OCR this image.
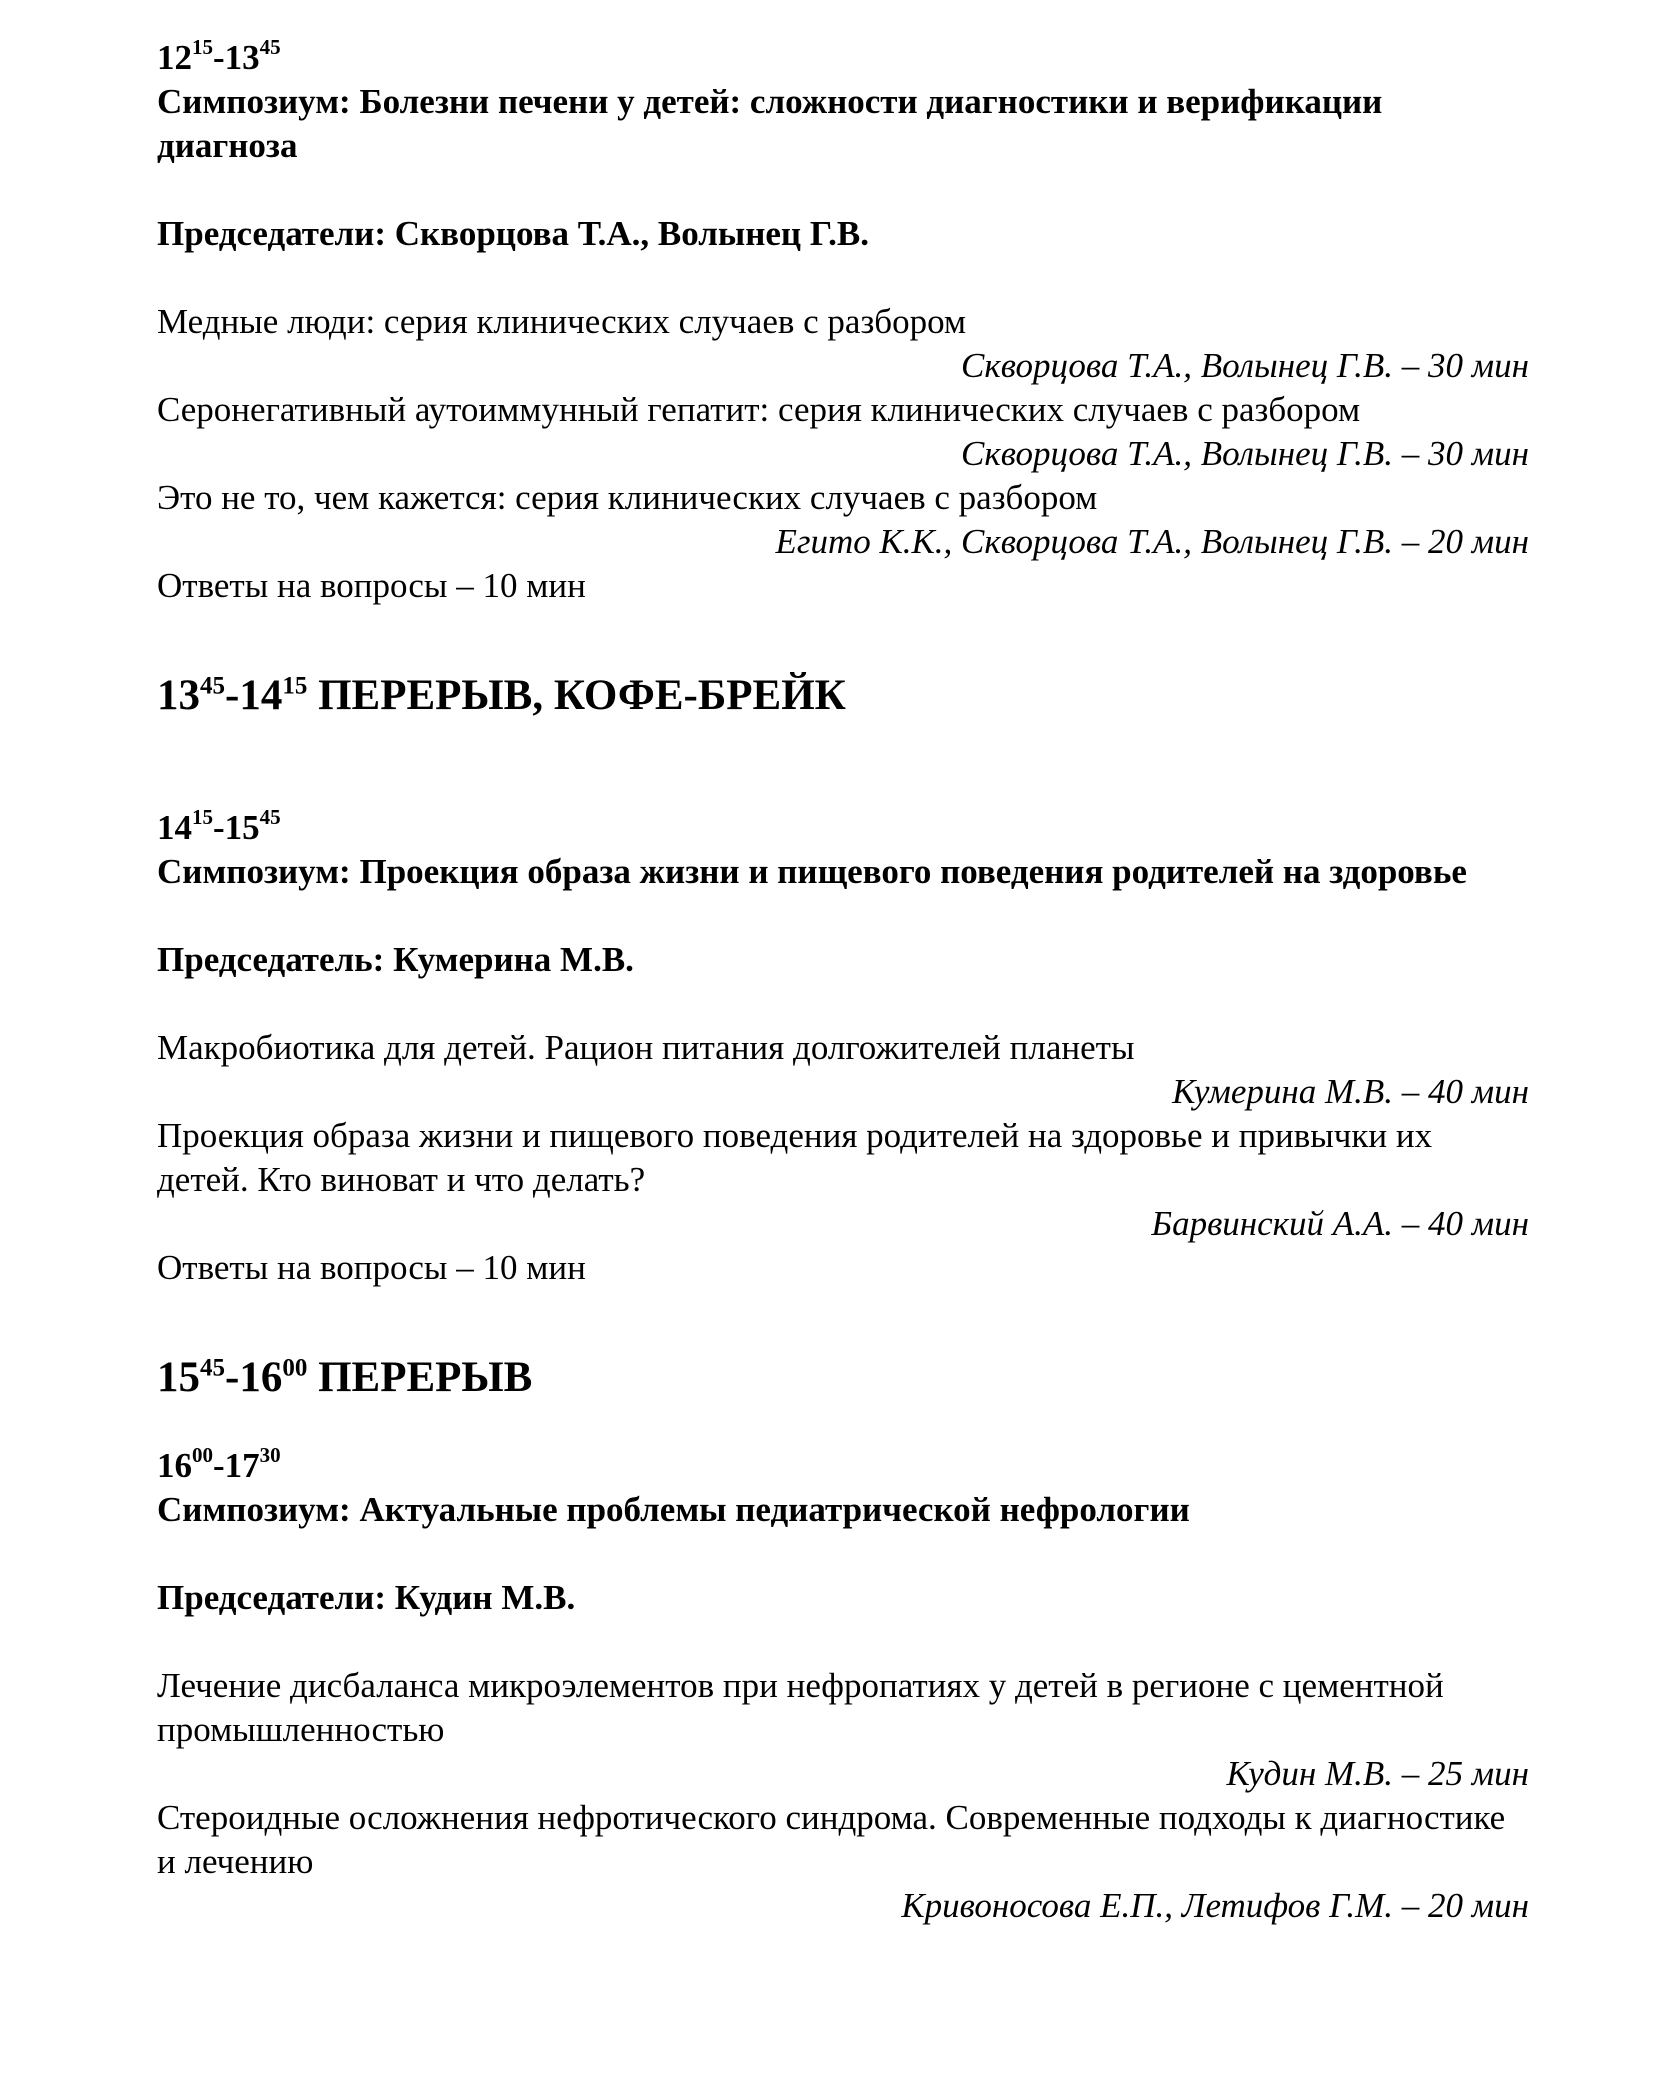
$12^{15}-13^{45}$
Симпозиум: Болезни печени у детей: сложности диагностики и верификации диагноза
Председатели: Скворцова Т.А., Волынец Г.В.
Медные люди: серия клинических случаев с разбором
Скворцова Т.А., Волынец Г.В. – 30 мин
Серонегативный аутоиммунный гепатит: серия клинических случаев с разбором
Скворцова Т.А., Волынец Г.В. – 30 мин
Это не то, чем кажется: серия клинических случаев с разбором
Егито К.К., Скворцова Т.А., Волынец Г.В. – 20 мин
Ответы на вопросы – 10 мин
$13^{45}-14^{15}$ ПЕРЕРЫВ, КОФЕ-БРЕЙК
$14^{15}-15^{45}$
Симпозиум: Проекция образа жизни и пищевого поведения родителей на здоровье
Председатель: Кумерина М.В.
Макробиотика для детей. Рацион питания долгожителей планеты
Кумерина М.В. – 40 мин
Проекция образа жизни и пищевого поведения родителей на здоровье и привычки их детей. Кто виноват и что делать?
Барвинский А.А. – 40 мин
Ответы на вопросы – 10 мин
$15^{45}-16^{00}$ ПЕРЕРЫВ
$16^{00}-17^{30}$
Симпозиум: Актуальные проблемы педиатрической нефрологии
Председатели: Кудин М.В.
Лечение дисбаланса микроэлементов при нефропатиях у детей в регионе с цементной промышленностью
Кудин М.В. – 25 мин
Стероидные осложнения нефротического синдрома. Современные подходы к диагностике и лечению
Кривоносова Е.П., Летифов Г.М. – 20 мин
